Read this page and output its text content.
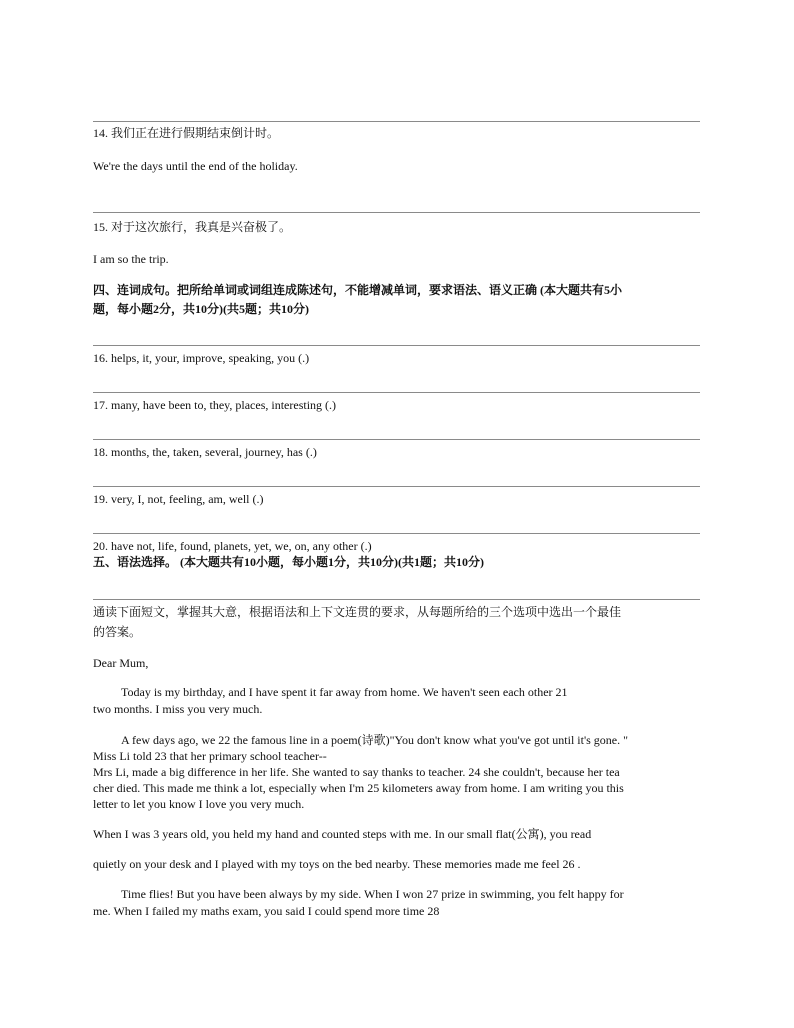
14. 我们正在进行假期结束倒计时。
We're the days until the end of the holiday.
15. 对于这次旅行，我真是兴奋极了。
I am so the trip.
四、连词成句。把所给单词或词组连成陈述句，不能增减单词，要求语法、语义正确 (本大题共有5小
题，每小题2分，共10分)(共5题；共10分)
16. helps, it, your, improve, speaking, you (.)
17. many, have been to, they, places, interesting (.)
18. months, the, taken, several, journey, has (.)
19. very, I, not, feeling, am, well (.)
20. have not, life, found, planets, yet, we, on, any other (.)
五、语法选择。 (本大题共有10小题，每小题1分，共10分)(共1题；共10分)
通读下面短文，掌握其大意，根据语法和上下文连贯的要求，从每题所给的三个选项中选出一个最佳
的答案。
Dear Mum,
Today is my birthday, and I have spent it far away from home. We haven't seen each other 21
two months. I miss you very much.
A few days ago, we 22 the famous line in a poem(诗歌)"You don't know what you've got until it's gone. "
Miss Li told 23 that her primary school teacher--
Mrs Li, made a big difference in her life. She wanted to say thanks to teacher. 24 she couldn't, because her tea
cher died. This made me think a lot, especially when I'm 25 kilometers away from home. I am writing you this
letter to let you know I love you very much.
When I was 3 years old, you held my hand and counted steps with me. In our small flat(公寓), you read
quietly on your desk and I played with my toys on the bed nearby. These memories made me feel 26 .
Time flies! But you have been always by my side. When I won 27 prize in swimming, you felt happy for
me. When I failed my maths exam, you said I could spend more time 28
